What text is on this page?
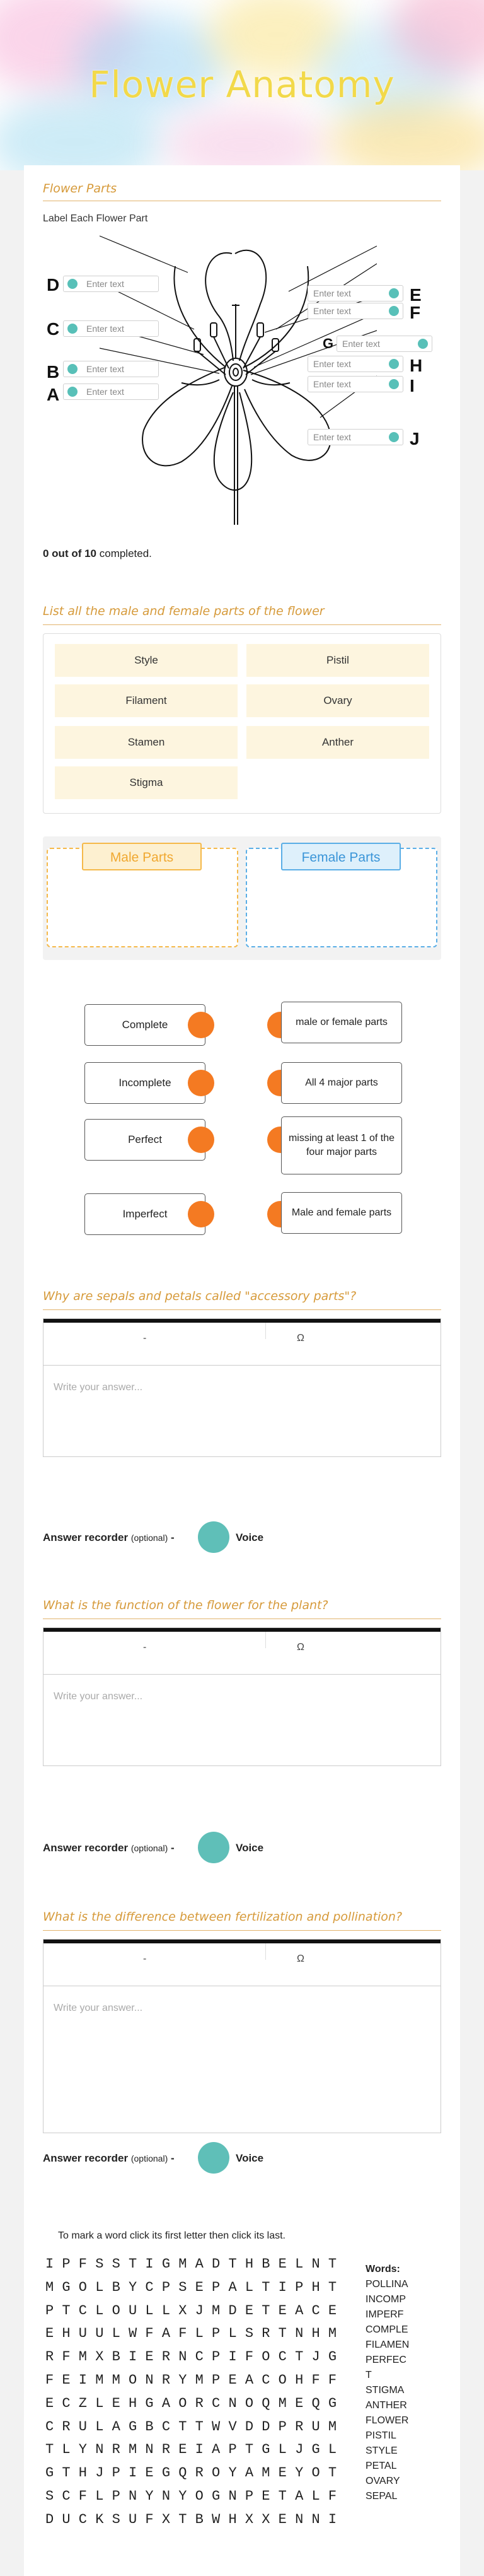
Flower Anatomy
Flower Parts
Label Each Flower Part
D	Enter text
C	Enter text
B	Enter text
A	Enter text
Enter text	E
Enter text	F
G Enter text
Enter text	H
Enter text	I
Enter text	J
0 out of 10 completed.
List all the male and female parts of the flower
Style	Pistil
Filament	Ovary
Stamen	Anther
Stigma
Male Parts	Female Parts
Complete	male or female parts
Incomplete	All 4 major parts
Perfect	missing at least 1 of the four major parts
Imperfect	Male and female parts
Why are sepals and petals called "accessory parts"?
-	Ω
Write your answer...
Answer recorder (optional) -	Voice
What is the function of the flower for the plant?
-	Ω
Write your answer...
Answer recorder (optional) -	Voice
What is the difference between fertilization and pollination?
-	Ω
Write your answer...
Answer recorder (optional) -	Voice
To mark a word click its first letter then click its last.
I P F S S T I G M A D T H B E L N T
M G O L B Y C P S E P A L T I P H T
P T C L O U L L X J M D E T E A C E
E H U U L W F A F L P L S R T N H M
R F M X B I E R N C P I F O C T J G
F E I M M O N R Y M P E A C O H F F
E C Z L E H G A O R C N O Q M E Q G
C R U L A G B C T T W V D D P R U M
T L Y N R M N R E I A P T G L J G L
G T H J P I E G Q R O Y A M E Y O T
S C F L P N Y N Y O G N P E T A L F
D U C K S U F X T B W H X X E N N I
Words:
POLLINA
INCOMP
IMPERF
COMPLE
FILAMEN
PERFEC
T
STIGMA
ANTHER
FLOWER
PISTIL
STYLE
PETAL
OVARY
SEPAL
